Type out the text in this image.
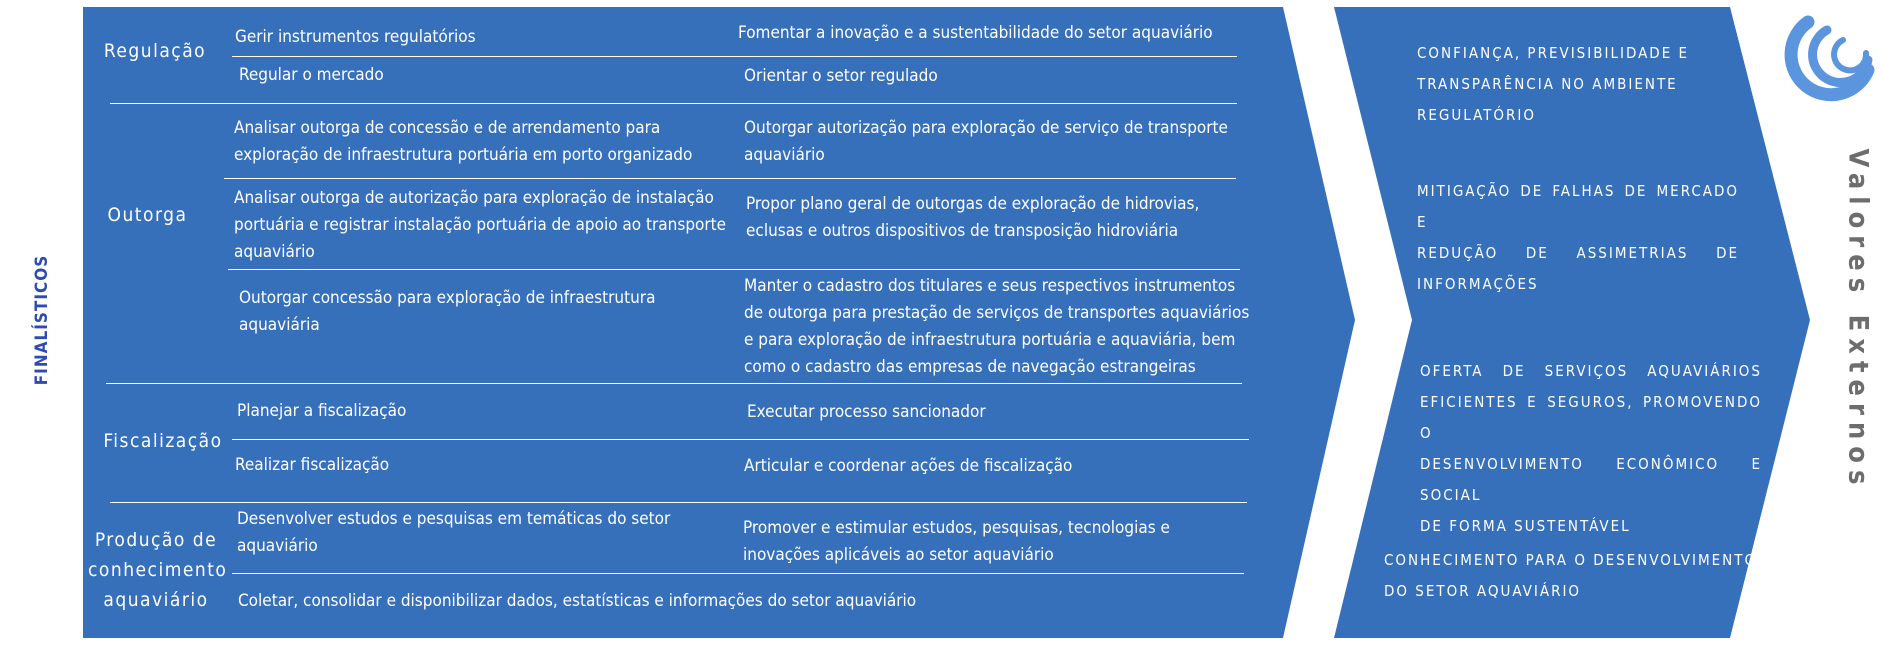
FINALÍSTICOS	Valores Externos
Regulação
Outorga
Fiscalização
Produção de
conhecimento
aquaviário
Gerir instrumentos regulatórios
Regular o mercado
Fomentar a inovação e a sustentabilidade do setor aquaviário
Orientar o setor regulado
Analisar outorga de concessão e de arrendamento para exploração de infraestrutura portuária em porto organizado
Analisar outorga de autorização para exploração de instalação portuária e registrar instalação portuária de apoio ao transporte aquaviário
Outorgar concessão para exploração de infraestrutura aquaviária
Outorgar autorização para exploração de serviço de transporte aquaviário
Propor plano geral de outorgas de exploração de hidrovias, eclusas e outros dispositivos de transposição hidroviária
Manter o cadastro dos titulares e seus respectivos instrumentos de outorga para prestação de serviços de transportes aquaviários e para exploração de infraestrutura portuária e aquaviária, bem como o cadastro das empresas de navegação estrangeiras
Planejar a fiscalização
Realizar fiscalização
Executar processo sancionador
Articular e coordenar ações de fiscalização
Desenvolver estudos e pesquisas em temáticas do setor aquaviário
Promover e estimular estudos, pesquisas, tecnologias e inovações aplicáveis ao setor aquaviário
Coletar, consolidar e disponibilizar dados, estatísticas e informações do setor aquaviário
CONFIANÇA, PREVISIBILIDADE E
TRANSPARÊNCIA NO AMBIENTE
REGULATÓRIO
MITIGAÇÃO DE FALHAS DE MERCADO E
REDUÇÃO DE ASSIMETRIAS DE
INFORMAÇÕES
OFERTA DE SERVIÇOS AQUAVIÁRIOS
EFICIENTES E SEGUROS, PROMOVENDO O
DESENVOLVIMENTO ECONÔMICO E SOCIAL
DE FORMA SUSTENTÁVEL
CONHECIMENTO PARA O DESENVOLVIMENTO
DO SETOR AQUAVIÁRIO
